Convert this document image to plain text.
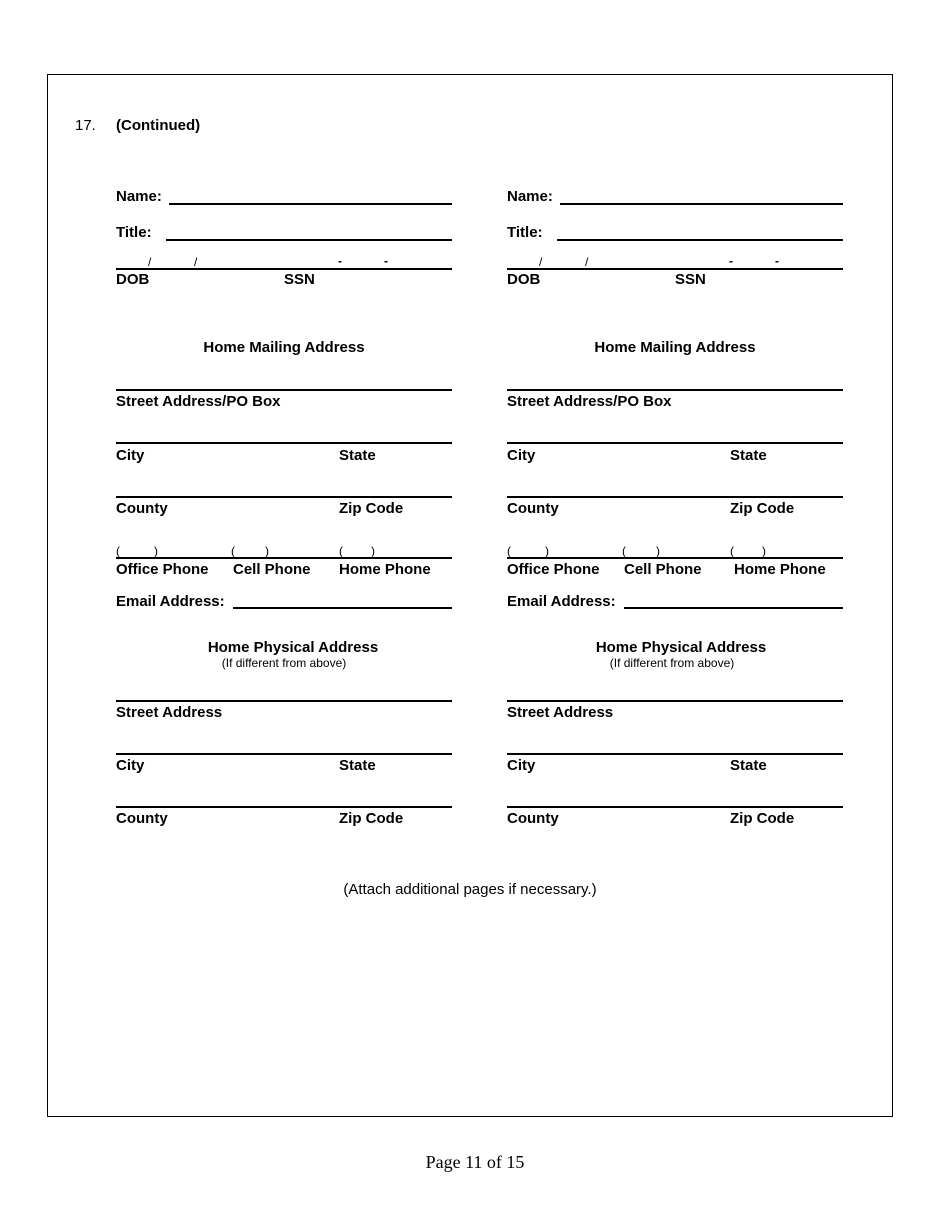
17. (Continued)
Name:
Title:
/	/	-	-
DOB	SSN
Home Mailing Address
Street Address/PO Box
City	State
County	Zip Code
(	)	(	)	( )
Office Phone Cell Phone Home Phone
Email Address:
Home Physical Address
(If different from above)
Street Address
City	State
County	Zip Code
Name:
Title:
/	/	-	-
DOB	SSN
Home Mailing Address
Street Address/PO Box
City	State
County	Zip Code
(	)	(	)	( )
Office Phone Cell Phone Home Phone
Email Address:
Home Physical Address
(If different from above)
Street Address
City	State
County	Zip Code
(Attach additional pages if necessary.)
Page 11 of 15
